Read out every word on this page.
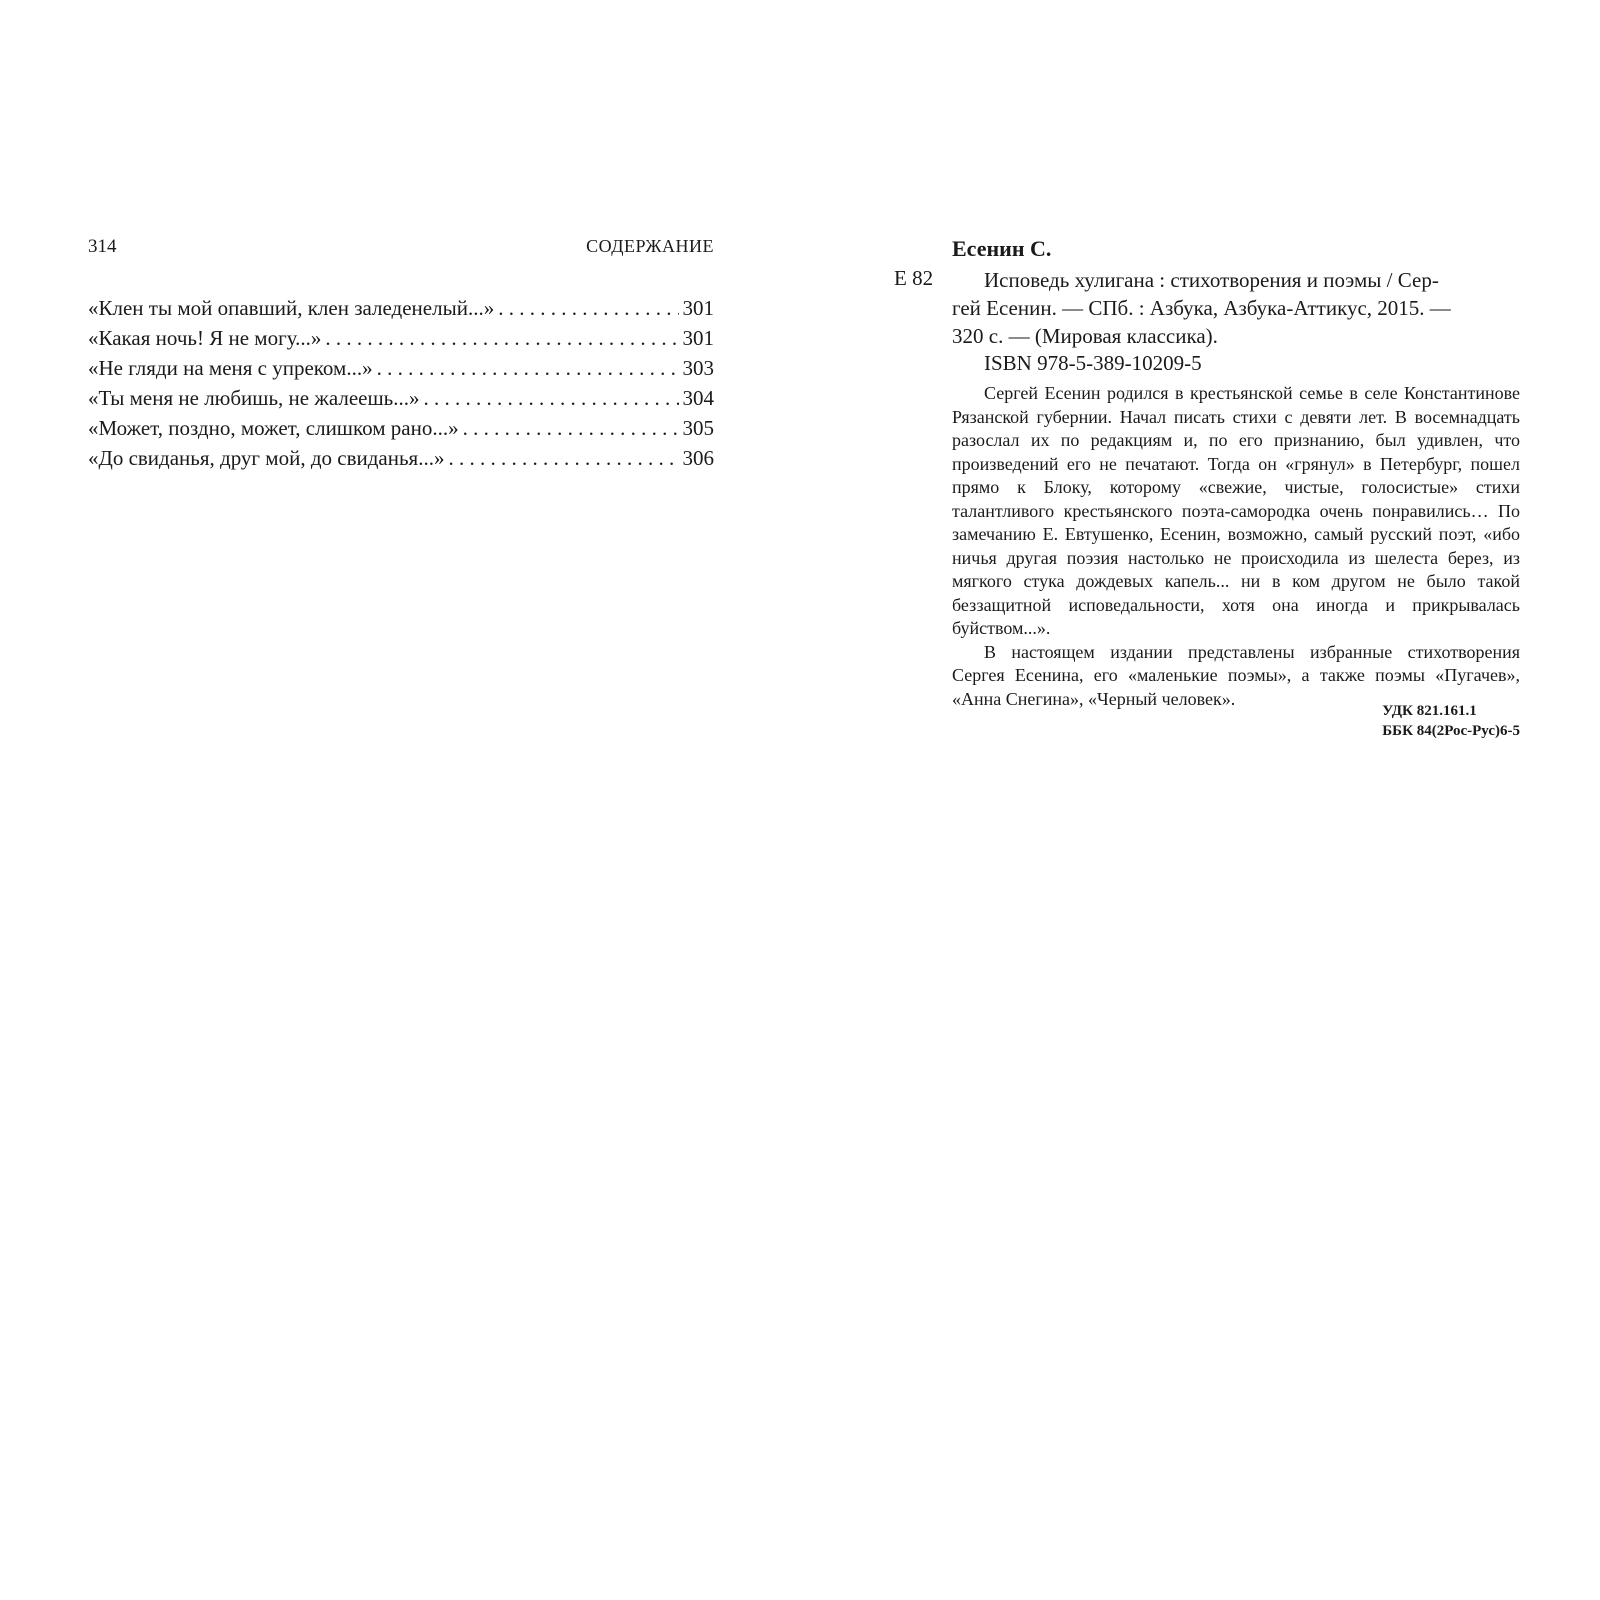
314	СОДЕРЖАНИЕ
«Клен ты мой опавший, клен заледенелый...» . . .	301
«Какая ночь! Я не могу...» . . .	301
«Не гляди на меня с упреком...» . . .	303
«Ты меня не любишь, не жалеешь...» . . .	304
«Может, поздно, может, слишком рано...» . . .	305
«До свиданья, друг мой, до свиданья...» . . .	306
Есенин С.
Е 82	Исповедь хулигана : стихотворения и поэмы / Сер-
гей Есенин. — СПб. : Азбука, Азбука-Аттикус, 2015. —
320 с. — (Мировая классика).
ISBN 978-5-389-10209-5

Сергей Есенин родился в крестьянской семье в селе Константинове Рязанской губернии. Начал писать стихи с девяти лет. В восемнадцать разослал их по редакциям и, по его признанию, был удивлен, что произведений его не печатают. Тогда он «грянул» в Петербург, пошел прямо к Блоку, которому «свежие, чистые, голосистые» стихи талантливого крестьянского поэта-самородка очень понравились… По замечанию Е. Евтушенко, Есенин, возможно, самый русский поэт, «ибо ничья другая поэзия настолько не происходила из шелеста берез, из мягкого стука дождевых капель... ни в ком другом не было такой беззащитной исповедальности, хотя она иногда и прикрывалась буйством...».

В настоящем издании представлены избранные стихотворения Сергея Есенина, его «маленькие поэмы», а также поэмы «Пугачев», «Анна Снегина», «Черный человек».

УДК 821.161.1
ББК 84(2Рос-Рус)6-5
